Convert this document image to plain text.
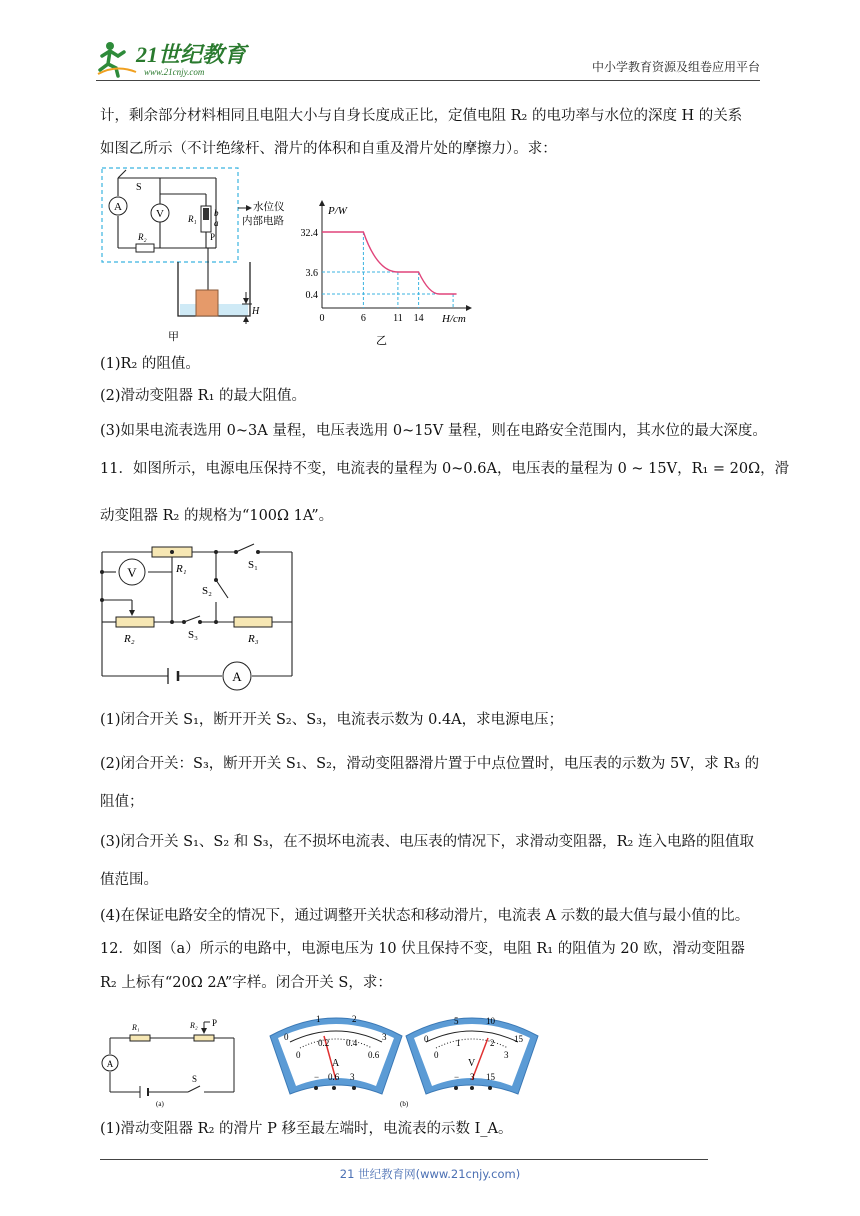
21世纪教育
www.21cnjy.com	中小学教育资源及组卷应用平台
计，剩余部分材料相同且电阻大小与自身长度成正比，定值电阻 R₂ 的电功率与水位的深度 H 的关系
如图乙所示（不计绝缘杆、滑片的体积和自重及滑片处的摩擦力）。求：
A
V
S
R₂
R₁
b
a
P
水位仪
内部电路
H
甲
P/W
H/cm
0.4
3.6
32.4
0	6	11 14
乙
(1)R₂ 的阻值。
(2)滑动变阻器 R₁ 的最大阻值。
(3)如果电流表选用 0~3A 量程，电压表选用 0~15V 量程，则在电路安全范围内，其水位的最大深度。
11．如图所示，电源电压保持不变，电流表的量程为 0~0.6A，电压表的量程为 0 ~ 15V，R₁ = 20Ω，滑
动变阻器 R₂ 的规格为“100Ω 1A”。
V
A
R₁
R₂	R₃
S₁
S₂
S₃
(1)闭合开关 S₁，断开开关 S₂、S₃，电流表示数为 0.4A，求电源电压；
(2)闭合开关：S₃，断开开关 S₁、S₂，滑动变阻器滑片置于中点位置时，电压表的示数为 5V，求 R₃ 的
阻值；
(3)闭合开关 S₁、S₂ 和 S₃，在不损坏电流表、电压表的情况下，求滑动变阻器，R₂ 连入电路的阻值取
值范围。
(4)在保证电路安全的情况下，通过调整开关状态和移动滑片，电流表 A 示数的最大值与最小值的比。
12．如图（a）所示的电路中，电源电压为 10 伏且保持不变，电阻 R₁ 的阻值为 20 欧，滑动变阻器
R₂ 上标有“20Ω 2A”字样。闭合开关 S，求：
A
R₁	R₂ P
S
(a)
0
1	2
3
0
0.2 0.4
0.6
A
− 0.6 3
0
5	10
15
0
1	2
3
V
− 3 15
(b)
(1)滑动变阻器 R₂ 的滑片 P 移至最左端时，电流表的示数 I_A。
21 世纪教育网(www.21cnjy.com)
